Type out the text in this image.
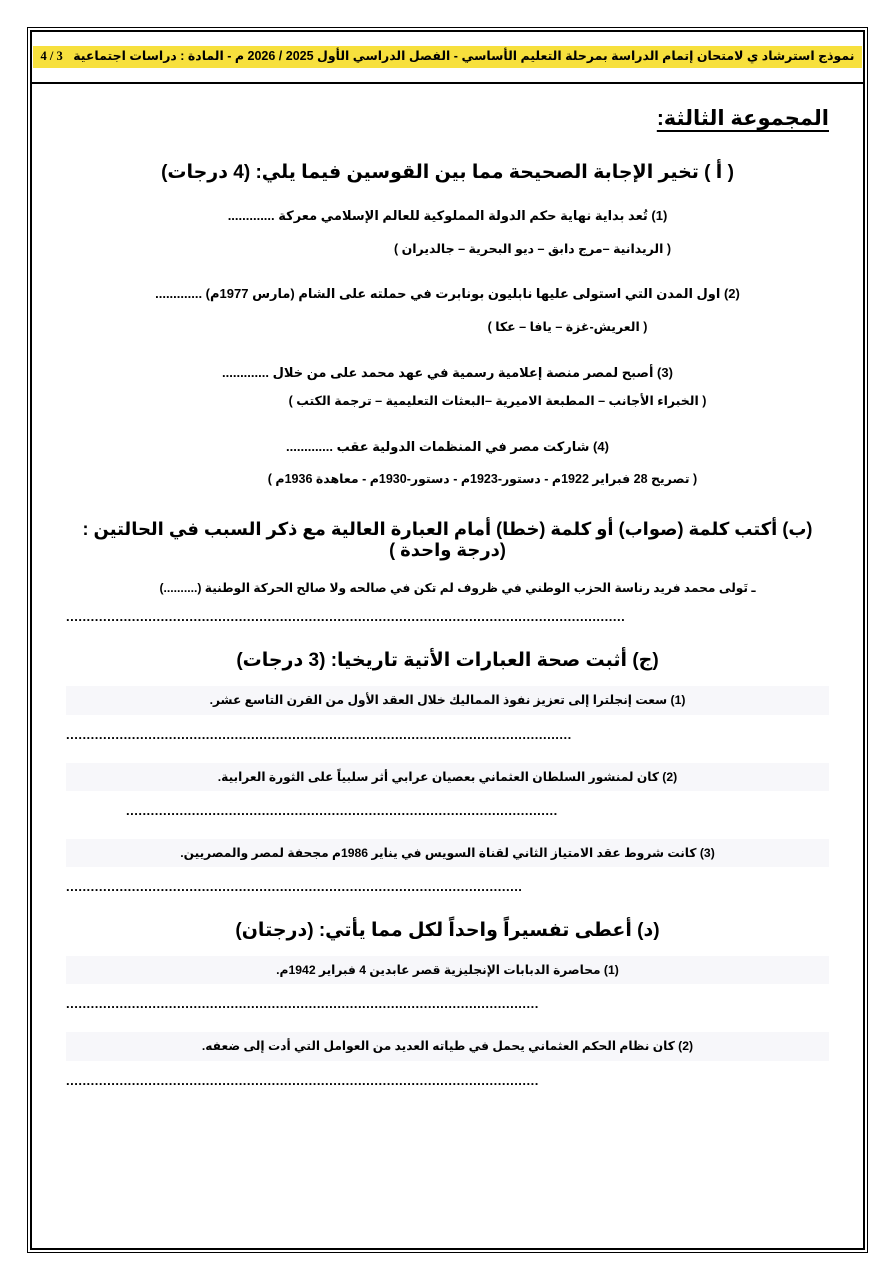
نموذج استرشاد ي لامتحان إتمام الدراسة بمرحلة التعليم الأساسي - الفصل الدراسي الأول 2025 / 2026 م - المادة : دراسات اجتماعية   3 / 4
المجموعة الثالثة:
( أ ) تخير الإجابة الصحيحة مما بين القوسين فيما يلي: (4 درجات)
(1) تُعد بداية نهاية حكم الدولة المملوكية للعالم الإسلامي معركة .............
( الريدانية –مرج دابق – ديو البحرية – جالديران )
(2) اول المدن التي استولى عليها نابليون بونابرت في حملته على الشام (مارس 1977م) .............
( العريش-غزة – يافا – عكا )
(3) أصبح لمصر منصة إعلامية رسمية في عهد محمد على من خلال .............
( الخبراء الأجانب – المطبعة الاميرية –البعثات التعليمية – ترجمة الكتب )
(4) شاركت مصر في المنظمات الدولية عقب .............
( تصريح 28 فبراير 1922م - دستور-1923م - دستور-1930م - معاهدة 1936م )
(ب) أكتب كلمة (صواب) أو كلمة (خطا) أمام العبارة العالية مع ذكر السبب في الحالتين : (درجة واحدة )
ـ تَولى محمد فريد رناسة الحزب الوطني في ظروف لم تكن في صالحه ولا صالح الحركة الوطنية (..........)
........................................................................................................................................
(ج) أثبت صحة العبارات الأتية تاريخيا: (3 درجات)
(1) سعت إنجلترا إلى تعزيز نفوذ المماليك خلال العقد الأول من القرن التاسع عشر.
...........................................................................................................................
(2) كان لمنشور السلطان العثماني بعصيان عرابي أثر سلبياً على الثورة العرابية.
.........................................................................................................
(3) كانت شروط عقد الامتياز الثاني لقناة السويس في يناير 1986م مجحفة لمصر والمصريين.
...............................................................................................................
(د) أعطى تفسيراً واحداً لكل مما يأتي: (درجتان)
(1) محاصرة الدبابات الإنجليزية قصر عابدين 4 فبراير 1942م.
...................................................................................................................
(2) كان نظام الحكم العثماني يحمل في طياته العديد من العوامل التي أدت إلى ضعفه.
...................................................................................................................
